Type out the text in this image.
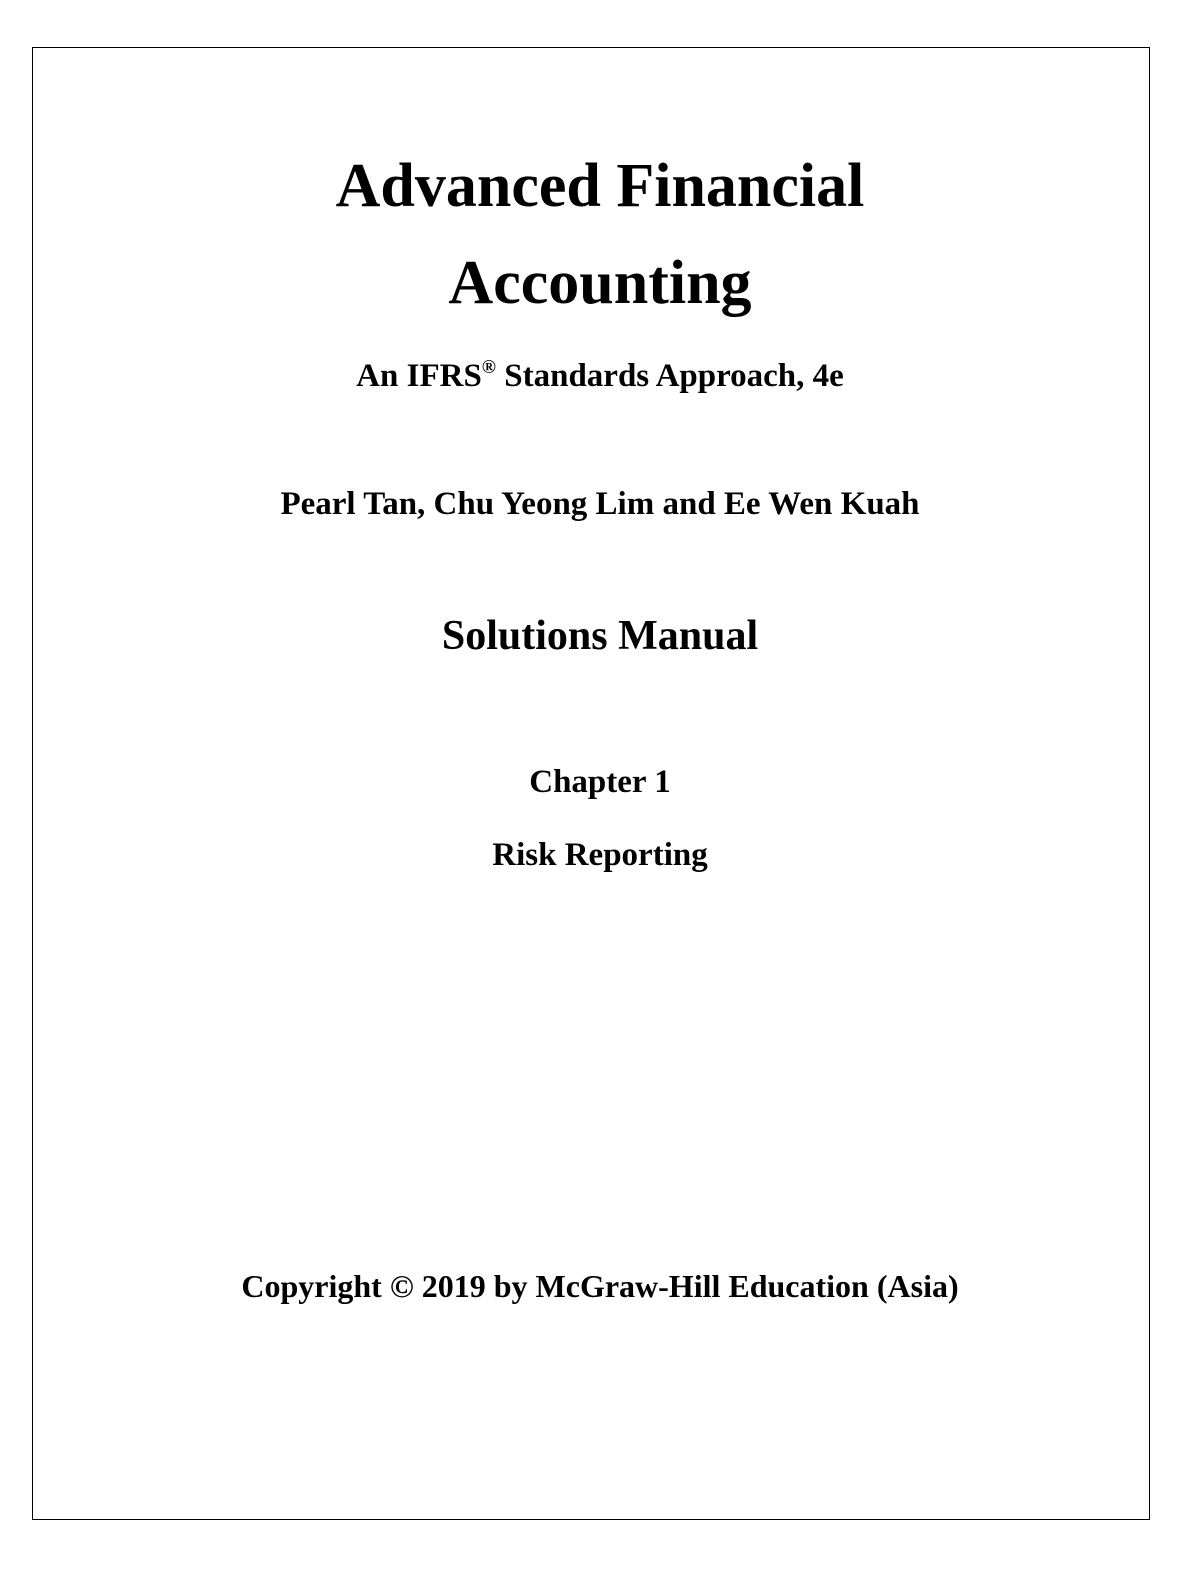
Advanced Financial
Accounting

An IFRS® Standards Approach, 4e

Pearl Tan, Chu Yeong Lim and Ee Wen Kuah

Solutions Manual

Chapter 1

Risk Reporting

Copyright © 2019 by McGraw-Hill Education (Asia)
